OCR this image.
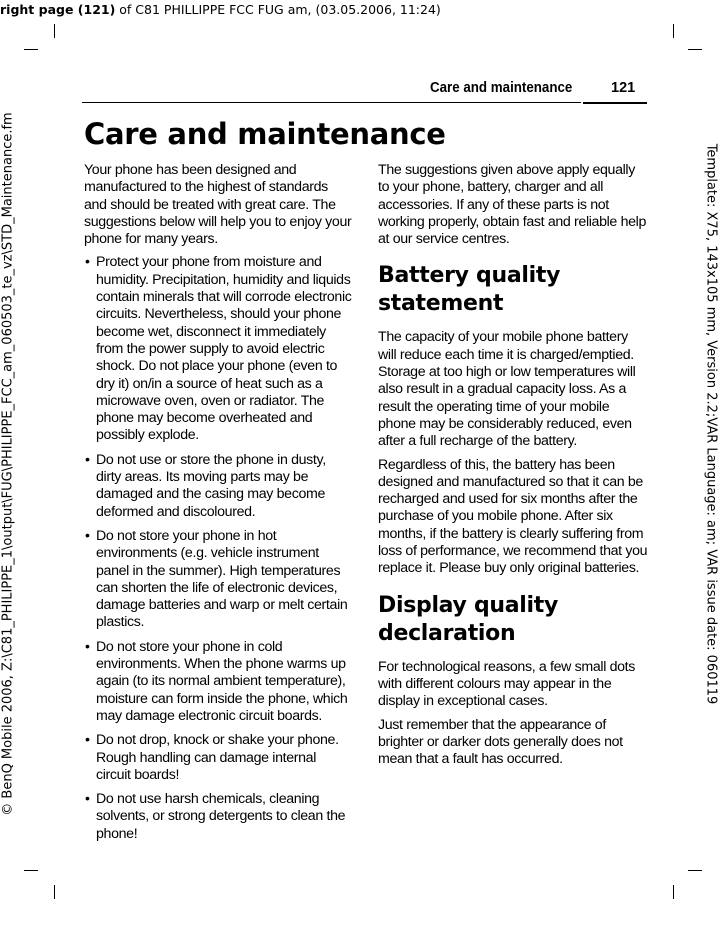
right page (121) of C81 PHILLIPPE FCC FUG am, (03.05.2006, 11:24)
© BenQ Mobile 2006, Z:\C81_PHILIPPE_1\output\FUG\PHILIPPE_FCC_am_060503_te_vz\STD_Maintenance.fm	Template: X75, 143x105 mm, Version 2.2;VAR Language: am; VAR issue date: 060119
Care and maintenance	121
Care and maintenance

Your phone has been designed and manufactured to the highest of standards and should be treated with great care. The suggestions below will help you to enjoy your phone for many years.

• Protect your phone from moisture and humidity. Precipitation, humidity and liquids contain minerals that will corrode electronic circuits. Nevertheless, should your phone become wet, disconnect it immediately from the power supply to avoid electric shock. Do not place your phone (even to dry it) on/in a source of heat such as a microwave oven, oven or radiator. The phone may become overheated and possibly explode.
• Do not use or store the phone in dusty, dirty areas. Its moving parts may be damaged and the casing may become deformed and discoloured.
• Do not store your phone in hot environments (e.g. vehicle instrument panel in the summer). High temperatures can shorten the life of electronic devices, damage batteries and warp or melt certain plastics.
• Do not store your phone in cold environments. When the phone warms up again (to its normal ambient temperature), moisture can form inside the phone, which may damage electronic circuit boards.
• Do not drop, knock or shake your phone. Rough handling can damage internal circuit boards!
• Do not use harsh chemicals, cleaning solvents, or strong detergents to clean the phone!

The suggestions given above apply equally to your phone, battery, charger and all accessories. If any of these parts is not working properly, obtain fast and reliable help at our service centres.

Battery quality statement

The capacity of your mobile phone battery will reduce each time it is charged/emptied. Storage at too high or low temperatures will also result in a gradual capacity loss. As a result the operating time of your mobile phone may be considerably reduced, even after a full recharge of the battery.

Regardless of this, the battery has been designed and manufactured so that it can be recharged and used for six months after the purchase of you mobile phone. After six months, if the battery is clearly suffering from loss of performance, we recommend that you replace it. Please buy only original batteries.

Display quality declaration

For technological reasons, a few small dots with different colours may appear in the display in exceptional cases.

Just remember that the appearance of brighter or darker dots generally does not mean that a fault has occurred.
